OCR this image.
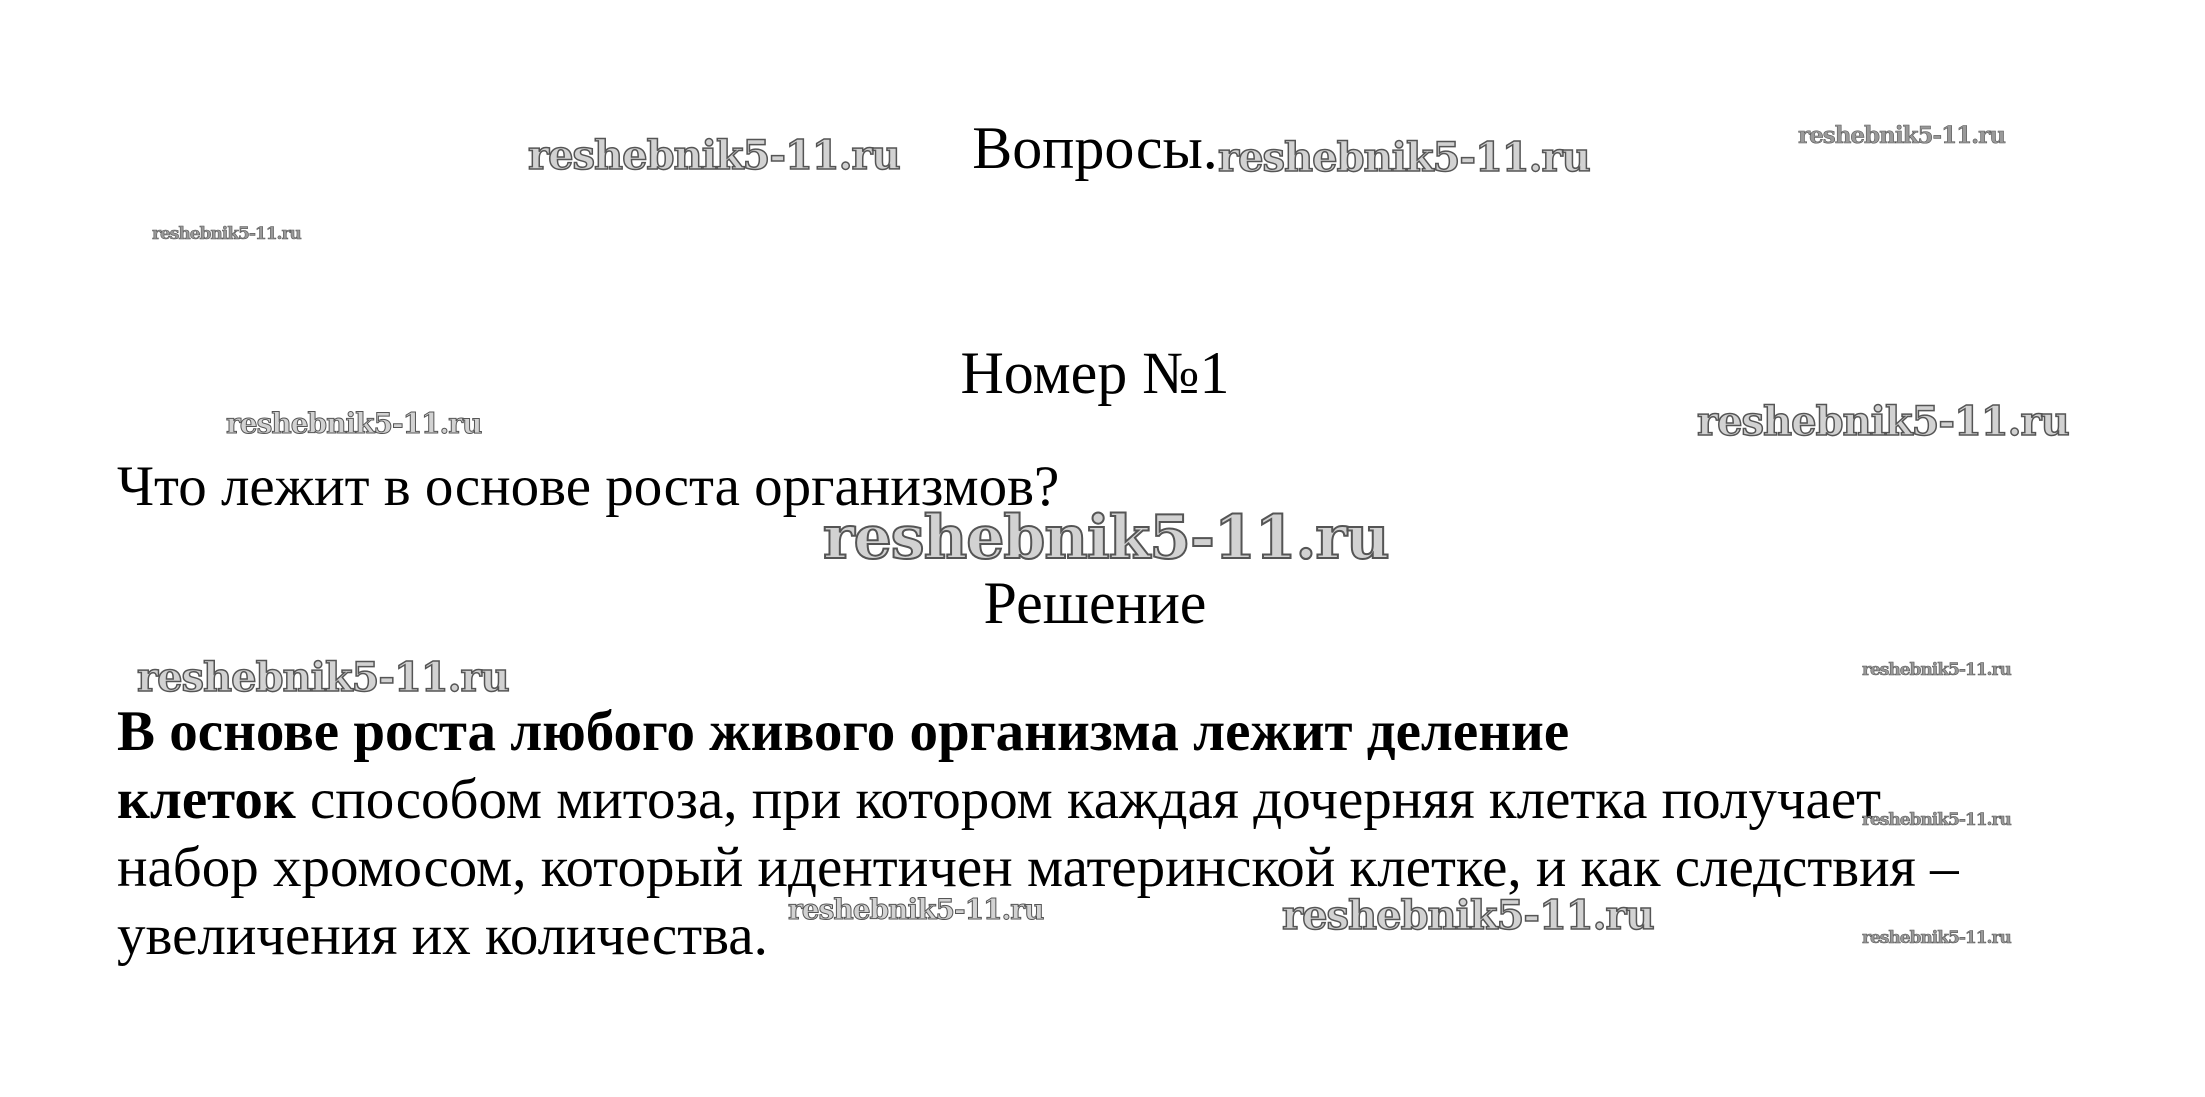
Вопросы.
Номер №1
Что лежит в основе роста организмов?
Решение
В основе роста любого живого организма лежит деление
клеток способом митоза, при котором каждая дочерняя клетка получает
набор хромосом, который идентичен материнской клетке, и как следствия –
увеличения их количества.
reshebnik5-11.ru	reshebnik5-11.ru	reshebnik5-11.ru
reshebnik5-11.ru
reshebnik5-11.ru	reshebnik5-11.ru
reshebnik5-11.ru
reshebnik5-11.ru	reshebnik5-11.ru
reshebnik5-11.ru
reshebnik5-11.ru	reshebnik5-11.ru	reshebnik5-11.ru
